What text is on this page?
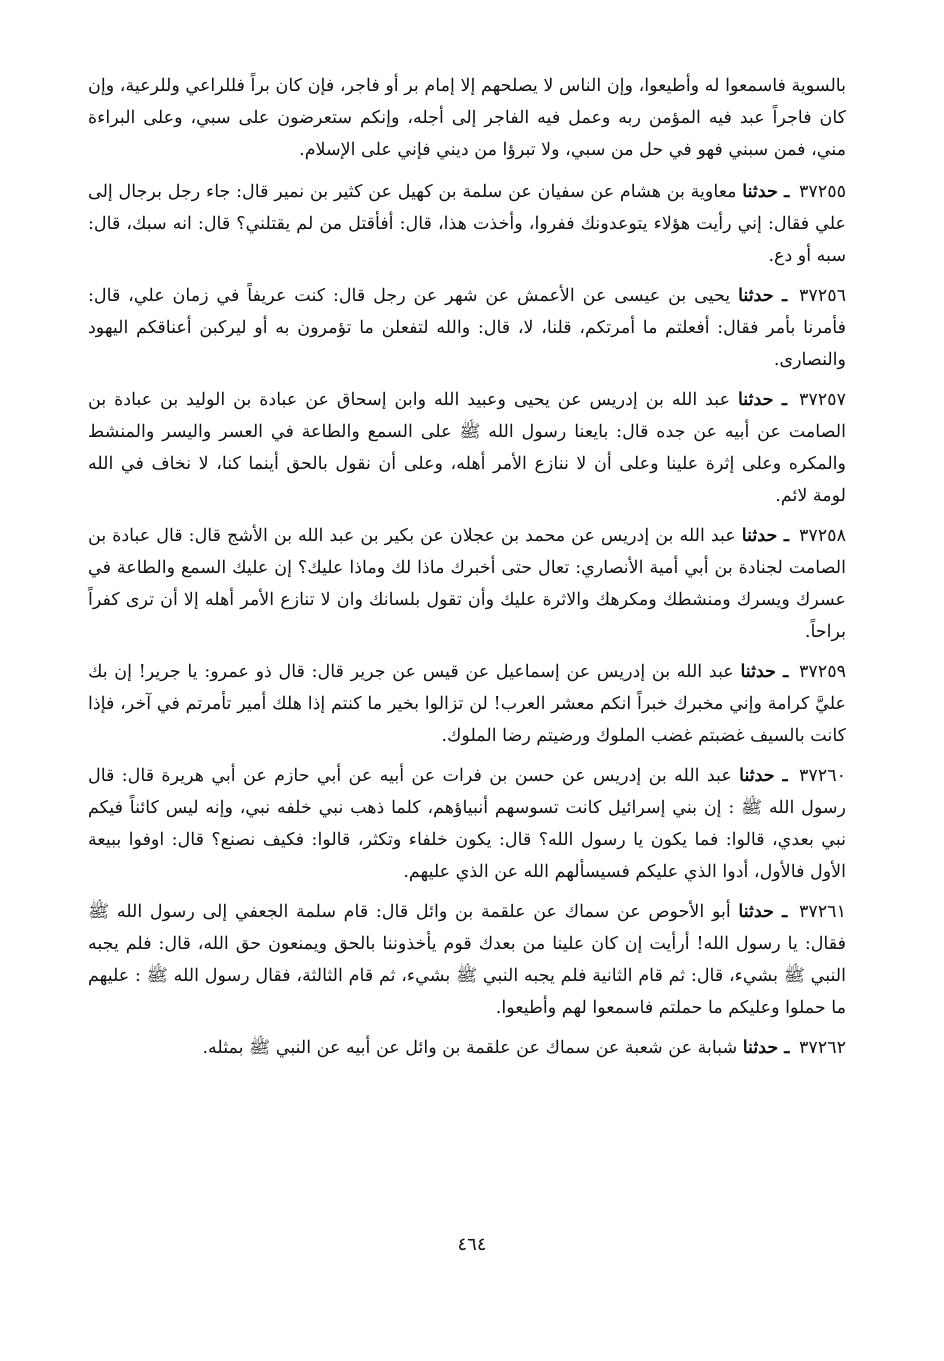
بالسوية فاسمعوا له وأطيعوا، وإن الناس لا يصلحهم إلا إمام بر أو فاجر، فإن كان براً فللراعي وللرعية، وإن كان فاجراً عبد فيه المؤمن ربه وعمل فيه الفاجر إلى أجله، وإنكم ستعرضون على سبي، وعلى البراءة مني، فمن سبني فهو في حل من سبي، ولا تبرؤا من ديني فإني على الإسلام.

٣٧٢٥٥ ـ حدثنا معاوية بن هشام عن سفيان عن سلمة بن كهيل عن كثير بن نمير قال: جاء رجل برجال إلى علي فقال: إني رأيت هؤلاء يتوعدونك ففروا، وأخذت هذا، قال: أفأقتل من لم يقتلني؟ قال: انه سبك، قال: سبه أو دع.

٣٧٢٥٦ ـ حدثنا يحيى بن عيسى عن الأعمش عن شهر عن رجل قال: كنت عريفاً في زمان علي، قال: فأمرنا بأمر فقال: أفعلتم ما أمرتكم، قلنا، لا، قال: والله لتفعلن ما تؤمرون به أو ليركبن أعناقكم اليهود والنصارى.

٣٧٢٥٧ ـ حدثنا عبد الله بن إدريس عن يحيى وعبيد الله وابن إسحاق عن عبادة بن الوليد بن عبادة بن الصامت عن أبيه عن جده قال: بايعنا رسول الله ﷺ على السمع والطاعة في العسر واليسر والمنشط والمكره وعلى إثرة علينا وعلى أن لا ننازع الأمر أهله، وعلى أن نقول بالحق أينما كنا، لا نخاف في الله لومة لائم.

٣٧٢٥٨ ـ حدثنا عبد الله بن إدريس عن محمد بن عجلان عن بكير بن عبد الله بن الأشج قال: قال عبادة بن الصامت لجنادة بن أبي أمية الأنصاري: تعال حتى أخبرك ماذا لك وماذا عليك؟ إن عليك السمع والطاعة في عسرك ويسرك ومنشطك ومكرهك والاثرة عليك وأن تقول بلسانك وان لا تنازع الأمر أهله إلا أن ترى كفراً براحاً.

٣٧٢٥٩ ـ حدثنا عبد الله بن إدريس عن إسماعيل عن قيس عن جرير قال: قال ذو عمرو: يا جرير! إن بك عليَّ كرامة وإني مخبرك خبراً انكم معشر العرب! لن تزالوا بخير ما كنتم إذا هلك أمير تأمرتم في آخر، فإذا كانت بالسيف غضبتم غضب الملوك ورضيتم رضا الملوك.

٣٧٢٦٠ ـ حدثنا عبد الله بن إدريس عن حسن بن فرات عن أبيه عن أبي حازم عن أبي هريرة قال: قال رسول الله ﷺ : إن بني إسرائيل كانت تسوسهم أنبياؤهم، كلما ذهب نبي خلفه نبي، وإنه ليس كائناً فيكم نبي بعدي، قالوا: فما يكون يا رسول الله؟ قال: يكون خلفاء وتكثر، قالوا: فكيف نصنع؟ قال: اوفوا ببيعة الأول فالأول، أدوا الذي عليكم فسيسألهم الله عن الذي عليهم.

٣٧٢٦١ ـ حدثنا أبو الأحوص عن سماك عن علقمة بن وائل قال: قام سلمة الجعفي إلى رسول الله ﷺ فقال: يا رسول الله! أرأيت إن كان علينا من بعدك قوم يأخذوننا بالحق ويمنعون حق الله، قال: فلم يجبه النبي ﷺ بشيء، قال: ثم قام الثانية فلم يجبه النبي ﷺ بشيء، ثم قام الثالثة، فقال رسول الله ﷺ : عليهم ما حملوا وعليكم ما حملتم فاسمعوا لهم وأطيعوا.

٣٧٢٦٢ ـ حدثنا شبابة عن شعبة عن سماك عن علقمة بن وائل عن أبيه عن النبي ﷺ بمثله.

٤٦٤
